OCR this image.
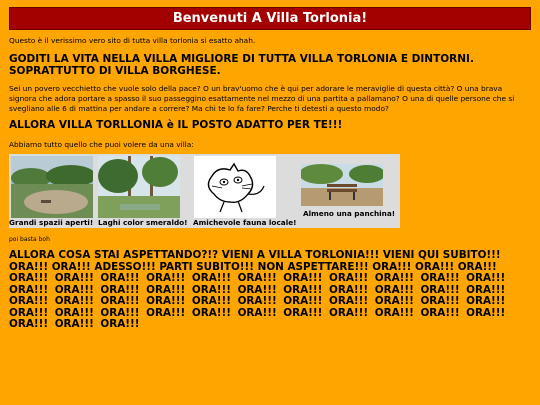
Benvenuti A Villa Torlonia!

Questo è il verissimo vero sito di tutta villa torlonia si esatto ahah.

GODITI LA VITA NELLA VILLA MIGLIORE DI TUTTA VILLA TORLONIA E DINTORNI. SOPRATTUTTO DI VILLA BORGHESE.

Sei un povero vecchietto che vuole solo della pace? O un brav'uomo che è qui per adorare le meraviglie di questa città? O una brava signora che adora portare a spasso il suo passeggino esattamente nel mezzo di una partita a pallamano? O una di quelle persone che si svegliano alle 6 di mattina per andare a correre? Ma chi te lo fa fare? Perche ti detesti a questo modo?

ALLORA VILLA TORLLONIA è IL POSTO ADATTO PER TE!!!

Abbiamo tutto quello che puoi volere da una villa:

Grandi spazii aperti! Laghi color smeraldo! Amichevole fauna locale!
Almeno una panchina!

poi basta boh

ALLORA COSA STAI ASPETTANDO?!? VIENI A VILLA TORLONIA!!! VIENI QUI SUBITO!!! ORA!!! ORA!!! ADESSO!!! PARTI SUBITO!!! NON ASPETTARE!!! ORA!!! ORA!!! ORA!!! ORA!!! ORA!!! ORA!!! ORA!!! ORA!!! ORA!!! ORA!!! ORA!!! ORA!!! ORA!!! ORA!!! ORA!!! ORA!!! ORA!!! ORA!!! ORA!!! ORA!!! ORA!!! ORA!!! ORA!!! ORA!!! ORA!!! ORA!!! ORA!!! ORA!!! ORA!!! ORA!!! ORA!!! ORA!!! ORA!!! ORA!!! ORA!!! ORA!!! ORA!!! ORA!!! ORA!!! ORA!!! ORA!!! ORA!!! ORA!!! ORA!!! ORA!!! ORA!!! ORA!!! ORA!!! ORA!!! ORA!!!
